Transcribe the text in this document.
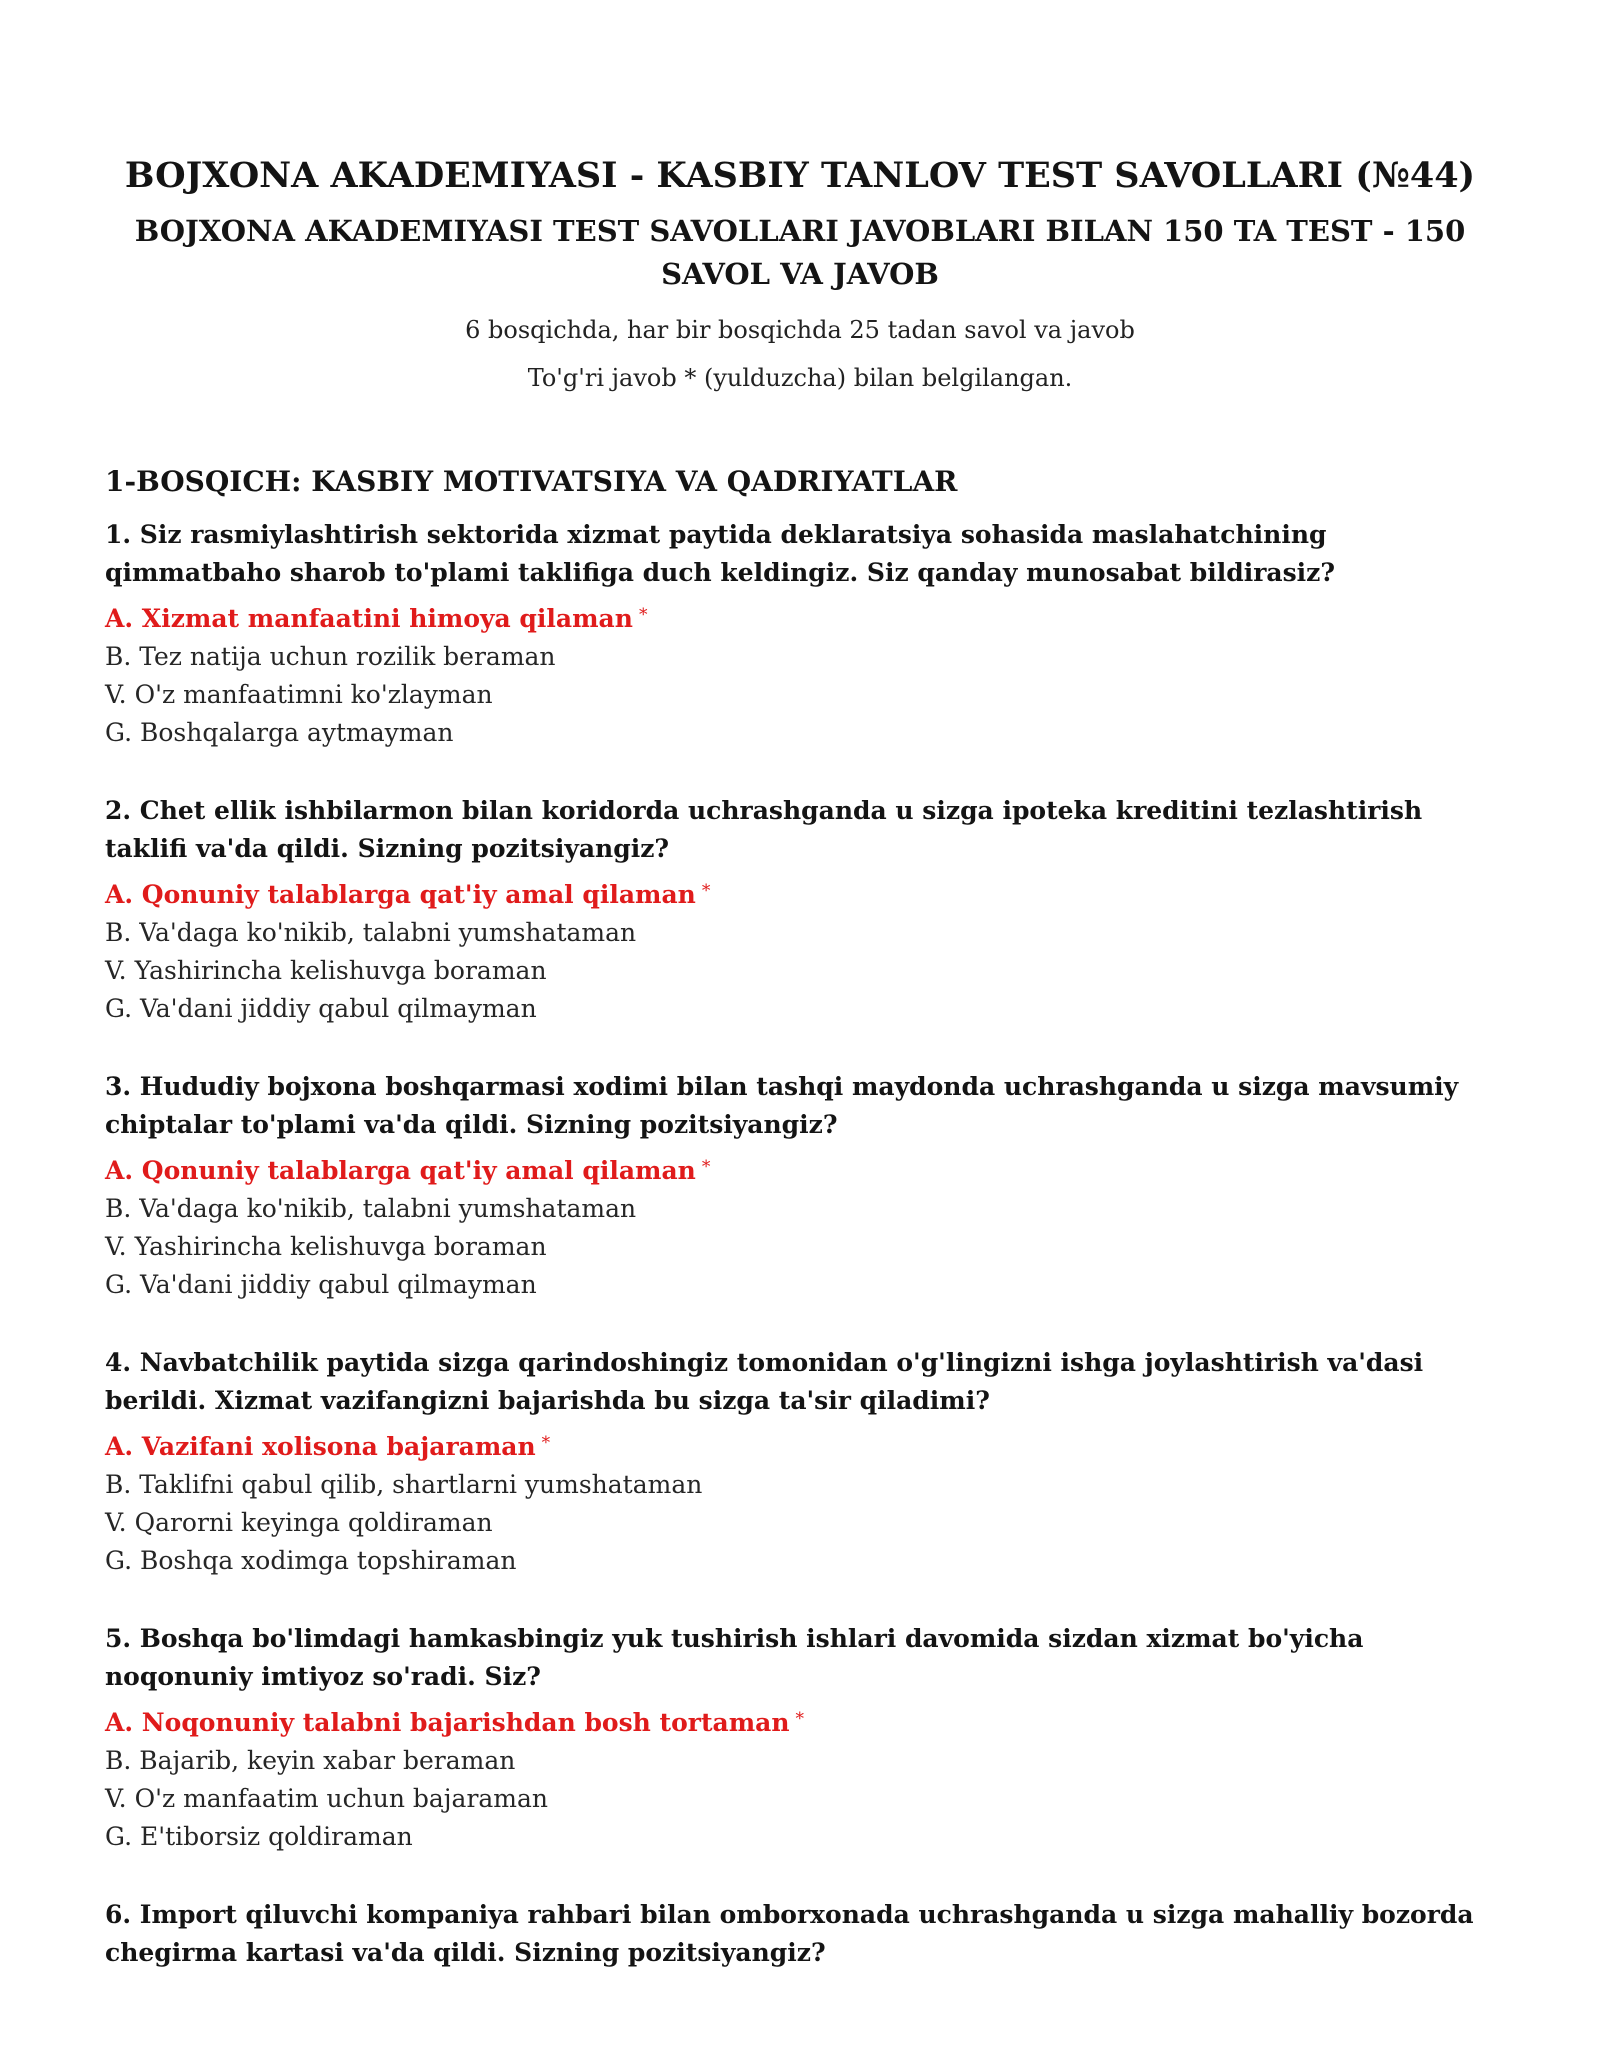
BOJXONA AKADEMIYASI - KASBIY TANLOV TEST SAVOLLARI (№44)
BOJXONA AKADEMIYASI TEST SAVOLLARI JAVOBLARI BILAN 150 TA TEST - 150 SAVOL VA JAVOB

6 bosqichda, har bir bosqichda 25 tadan savol va javob

To'g'ri javob * (yulduzcha) bilan belgilangan.

1-BOSQICH: KASBIY MOTIVATSIYA VA QADRIYATLAR

1. Siz rasmiylashtirish sektorida xizmat paytida deklaratsiya sohasida maslahatchining qimmatbaho sharob to'plami taklifiga duch keldingiz. Siz qanday munosabat bildirasiz?

A. Xizmat manfaatini himoya qilaman *

B. Tez natija uchun rozilik beraman

V. O'z manfaatimni ko'zlayman

G. Boshqalarga aytmayman

2. Chet ellik ishbilarmon bilan koridorda uchrashganda u sizga ipoteka kreditini tezlashtirish taklifi va'da qildi. Sizning pozitsiyangiz?

A. Qonuniy talablarga qat'iy amal qilaman *

B. Va'daga ko'nikib, talabni yumshataman

V. Yashirincha kelishuvga boraman

G. Va'dani jiddiy qabul qilmayman

3. Hududiy bojxona boshqarmasi xodimi bilan tashqi maydonda uchrashganda u sizga mavsumiy chiptalar to'plami va'da qildi. Sizning pozitsiyangiz?

A. Qonuniy talablarga qat'iy amal qilaman *

B. Va'daga ko'nikib, talabni yumshataman

V. Yashirincha kelishuvga boraman

G. Va'dani jiddiy qabul qilmayman

4. Navbatchilik paytida sizga qarindoshingiz tomonidan o'g'lingizni ishga joylashtirish va'dasi berildi. Xizmat vazifangizni bajarishda bu sizga ta'sir qiladimi?

A. Vazifani xolisona bajaraman *

B. Taklifni qabul qilib, shartlarni yumshataman

V. Qarorni keyinga qoldiraman

G. Boshqa xodimga topshiraman

5. Boshqa bo'limdagi hamkasbingiz yuk tushirish ishlari davomida sizdan xizmat bo'yicha noqonuniy imtiyoz so'radi. Siz?

A. Noqonuniy talabni bajarishdan bosh tortaman *

B. Bajarib, keyin xabar beraman

V. O'z manfaatim uchun bajaraman

G. E'tiborsiz qoldiraman

6. Import qiluvchi kompaniya rahbari bilan omborxonada uchrashganda u sizga mahalliy bozorda chegirma kartasi va'da qildi. Sizning pozitsiyangiz?
